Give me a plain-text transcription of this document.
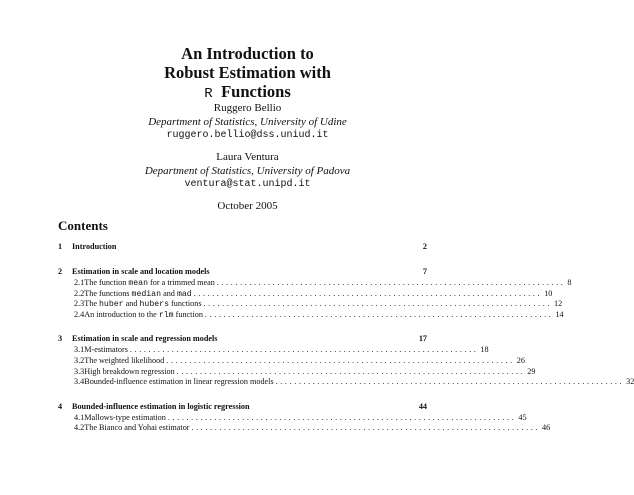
An Introduction to
Robust Estimation with
R Functions
Ruggero Bellio
Department of Statistics, University of Udine
ruggero.bellio@dss.uniud.it
Laura Ventura
Department of Statistics, University of Padova
ventura@stat.unipd.it
October 2005
Contents
1	Introduction	2
2	Estimation in scale and location models	7
2.1 The function mean for a trimmed mean ........................................................................... 8
2.2 The functions median and mad ........................................................................... 10
2.3 The huber and hubers functions ........................................................................... 12
2.4 An introduction to the rlm function ........................................................................... 14
3	Estimation in scale and regression models	17
3.1 M-estimators ........................................................................... 18
3.2 The weighted likelihood ........................................................................... 26
3.3 High breakdown regression ........................................................................... 29
3.4 Bounded-influence estimation in linear regression models ........................................................................... 32
4	Bounded-influence estimation in logistic regression	44
4.1 Mallows-type estimation ........................................................................... 45
4.2 The Bianco and Yohai estimator ........................................................................... 46
